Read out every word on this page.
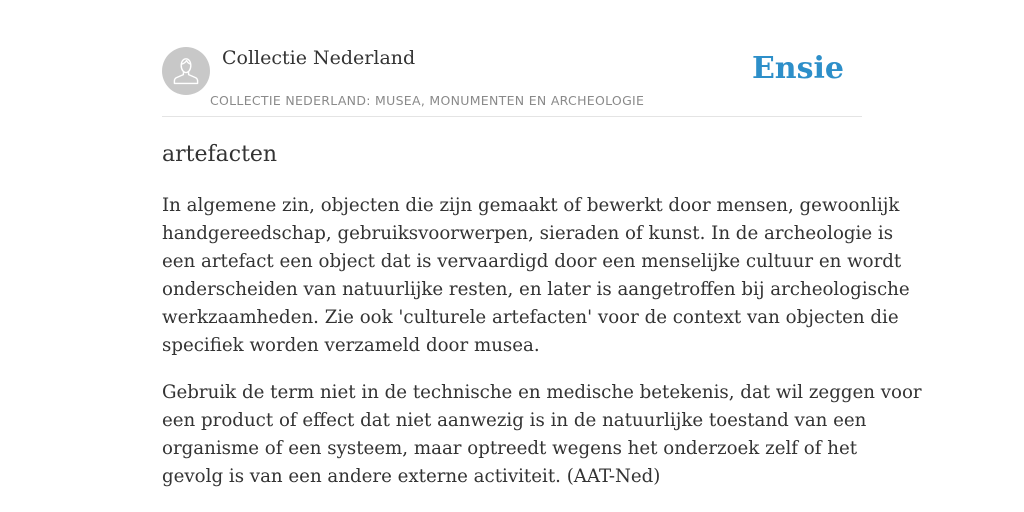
Collectie Nederland
COLLECTIE NEDERLAND: MUSEA, MONUMENTEN EN ARCHEOLOGIE
Ensie
artefacten

In algemene zin, objecten die zijn gemaakt of bewerkt door mensen, gewoonlijk
handgereedschap, gebruiksvoorwerpen, sieraden of kunst. In de archeologie is
een artefact een object dat is vervaardigd door een menselijke cultuur en wordt
onderscheiden van natuurlijke resten, en later is aangetroffen bij archeologische
werkzaamheden. Zie ook 'culturele artefacten' voor de context van objecten die
specifiek worden verzameld door musea.

Gebruik de term niet in de technische en medische betekenis, dat wil zeggen voor
een product of effect dat niet aanwezig is in de natuurlijke toestand van een
organisme of een systeem, maar optreedt wegens het onderzoek zelf of het
gevolg is van een andere externe activiteit. (AAT-Ned)
